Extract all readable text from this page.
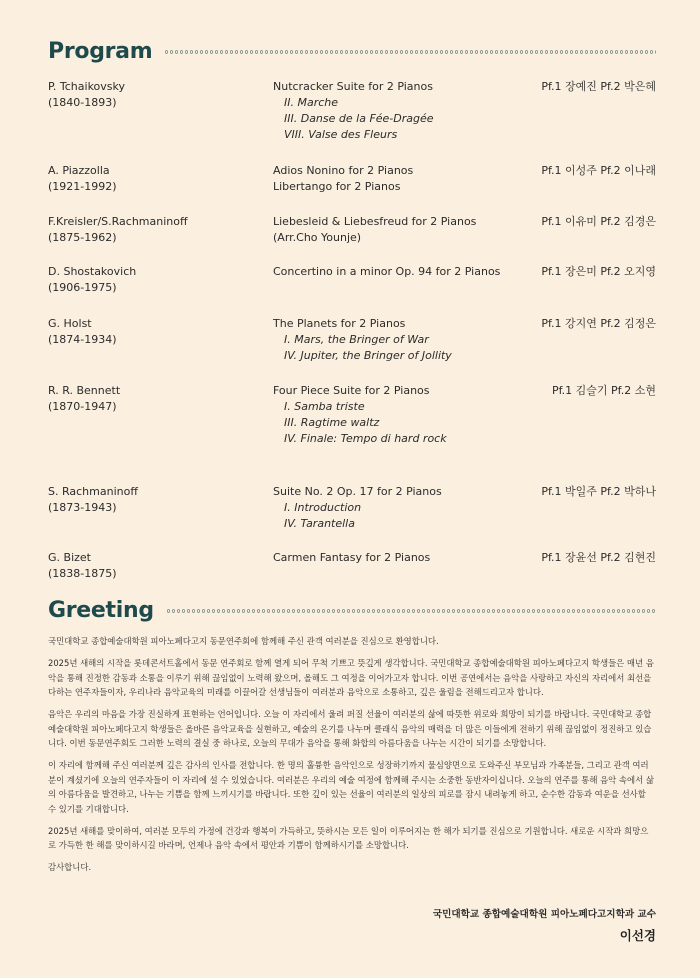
Program
P. Tchaikovsky
(1840-1893)
Nutcracker Suite for 2 Pianos
II. Marche
III. Danse de la Fée-Dragée
VIII. Valse des Fleurs
Pf.1 장예진 Pf.2 박은혜
A. Piazzolla
(1921-1992)
Adios Nonino for 2 Pianos
Libertango for 2 Pianos
Pf.1 이성주 Pf.2 이나래
F.Kreisler/S.Rachmaninoff
(1875-1962)
Liebesleid & Liebesfreud for 2 Pianos
(Arr.Cho Younje)
Pf.1 이유미 Pf.2 김경은
D. Shostakovich
(1906-1975)
Concertino in a minor Op. 94 for 2 Pianos	Pf.1 장은미 Pf.2 오지영
G. Holst
(1874-1934)
The Planets for 2 Pianos
I. Mars, the Bringer of War
IV. Jupiter, the Bringer of Jollity
Pf.1 강지연 Pf.2 김정은
R. R. Bennett
(1870-1947)
Four Piece Suite for 2 Pianos
I. Samba triste
III. Ragtime waltz
IV. Finale: Tempo di hard rock
Pf.1 김슬기 Pf.2 소현
S. Rachmaninoff
(1873-1943)
Suite No. 2 Op. 17 for 2 Pianos
I. Introduction
IV. Tarantella
Pf.1 박일주 Pf.2 박하나
G. Bizet
(1838-1875)
Carmen Fantasy for 2 Pianos	Pf.1 장윤선 Pf.2 김현진
Greeting

국민대학교 종합예술대학원 피아노페다고지 동문연주회에 함께해 주신 관객 여러분을 진심으로 환영합니다.

2025년 새해의 시작을 롯데콘서트홀에서 동문 연주회로 함께 열게 되어 무척 기쁘고 뜻깊게 생각합니다. 국민대학교 종합예술대학원 피아노페다고지 학생들은 매년 음악을 통해 진정한 감동과 소통을 이루기 위해 끊임없이 노력해 왔으며, 올해도 그 여정을 이어가고자 합니다. 이번 공연에서는 음악을 사랑하고 자신의 자리에서 최선을 다하는 연주자들이자, 우리나라 음악교육의 미래를 이끌어갈 선생님들이 여러분과 음악으로 소통하고, 깊은 울림을 전해드리고자 합니다.

음악은 우리의 마음을 가장 진실하게 표현하는 언어입니다. 오늘 이 자리에서 울려 퍼질 선율이 여러분의 삶에 따뜻한 위로와 희망이 되기를 바랍니다. 국민대학교 종합예술대학원 피아노페다고지 학생들은 올바른 음악교육을 실현하고, 예술의 온기를 나누며 클래식 음악의 매력을 더 많은 이들에게 전하기 위해 끊임없이 정진하고 있습니다. 이번 동문연주회도 그러한 노력의 결실 중 하나로, 오늘의 무대가 음악을 통해 화합의 아름다움을 나누는 시간이 되기를 소망합니다.

이 자리에 함께해 주신 여러분께 깊은 감사의 인사를 전합니다. 한 명의 훌륭한 음악인으로 성장하기까지 물심양면으로 도와주신 부모님과 가족분들, 그리고 관객 여러분이 계셨기에 오늘의 연주자들이 이 자리에 설 수 있었습니다. 여러분은 우리의 예술 여정에 함께해 주시는 소중한 동반자이십니다. 오늘의 연주를 통해 음악 속에서 삶의 아름다움을 발견하고, 나누는 기쁨을 함께 느끼시기를 바랍니다. 또한 깊이 있는 선율이 여러분의 일상의 피로를 잠시 내려놓게 하고, 순수한 감동과 여운을 선사할 수 있기를 기대합니다.

2025년 새해를 맞이하여, 여러분 모두의 가정에 건강과 행복이 가득하고, 뜻하시는 모든 일이 이루어지는 한 해가 되기를 진심으로 기원합니다. 새로운 시작과 희망으로 가득한 한 해를 맞이하시길 바라며, 언제나 음악 속에서 평안과 기쁨이 함께하시기를 소망합니다.

감사합니다.

국민대학교 종합예술대학원 피아노페다고지학과 교수
이선경
